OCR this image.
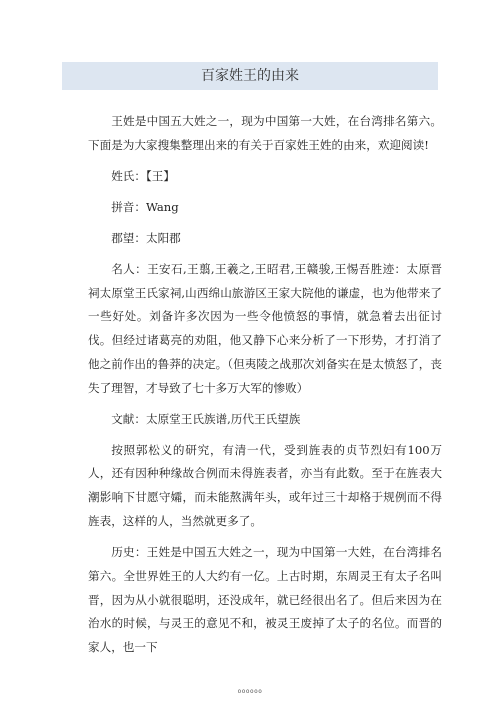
百家姓王的由来

王姓是中国五大姓之一，现为中国第一大姓，在台湾排名第六。下面是为大家搜集整理出来的有关于百家姓王姓的由来，欢迎阅读!

姓氏：【王】

拼音：Wang

郡望：太阳郡

名人：王安石,王翦,王羲之,王昭君,王赣骏,王惕吾胜迹：太原晋祠太原堂王氏家祠,山西绵山旅游区王家大院他的谦虚，也为他带来了一些好处。刘备许多次因为一些令他愤怒的事情，就急着去出征讨伐。但经过诸葛亮的劝阻，他又静下心来分析了一下形势，才打消了他之前作出的鲁莽的决定。（但夷陵之战那次刘备实在是太愤怒了，丧失了理智，才导致了七十多万大军的惨败）

文献：太原堂王氏族谱,历代王氏望族

按照郭松义的研究，有清一代，受到旌表的贞节烈妇有100万人，还有因种种缘故合例而未得旌表者，亦当有此数。至于在旌表大潮影响下甘愿守孀，而未能熬满年头，或年过三十却格于规例而不得旌表，这样的人，当然就更多了。

历史：王姓是中国五大姓之一，现为中国第一大姓，在台湾排名第六。全世界姓王的人大约有一亿。上古时期，东周灵王有太子名叫晋，因为从小就很聪明，还没成年，就已经很出名了。但后来因为在治水的时候，与灵王的意见不和，被灵王废掉了太子的名位。而晋的家人，也一下

oooooo
